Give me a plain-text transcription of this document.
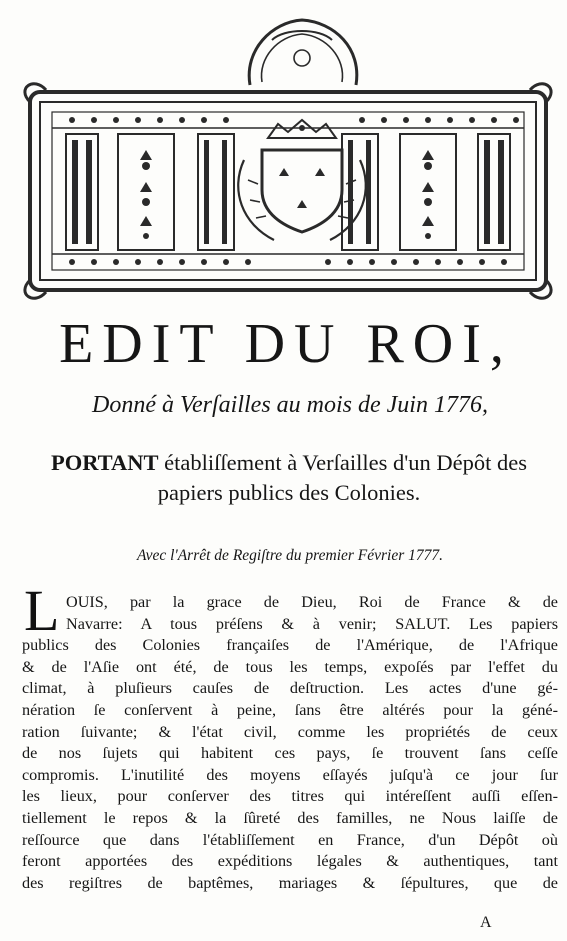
EDIT DU ROI,
Donné à Verſailles au mois de Juin 1776,
PORTANT établiſſement à Verſailles d'un Dépôt des papiers publics des Colonies.
Avec l'Arrêt de Regiſtre du premier Février 1777.
L OUIS, par la grace de Dieu, Roi de France & de
Navarre: A tous préſens & à venir; SALUT. Les papiers
publics des Colonies françaiſes de l'Amérique, de l'Afrique
& de l'Aſie ont été, de tous les temps, expoſés par l'effet du
climat, à pluſieurs cauſes de deſtruction. Les actes d'une gé-
nération ſe conſervent à peine, ſans être altérés pour la géné-
ration ſuivante; & l'état civil, comme les propriétés de ceux
de nos ſujets qui habitent ces pays, ſe trouvent ſans ceſſe
compromis. L'inutilité des moyens eſſayés juſqu'à ce jour ſur
les lieux, pour conſerver des titres qui intéreſſent auſſi eſſen-
tiellement le repos & la ſûreté des familles, ne Nous laiſſe de
reſſource que dans l'établiſſement en France, d'un Dépôt où
feront apportées des expéditions légales & authentiques, tant
des regiſtres de baptêmes, mariages & ſépultures, que de
A
